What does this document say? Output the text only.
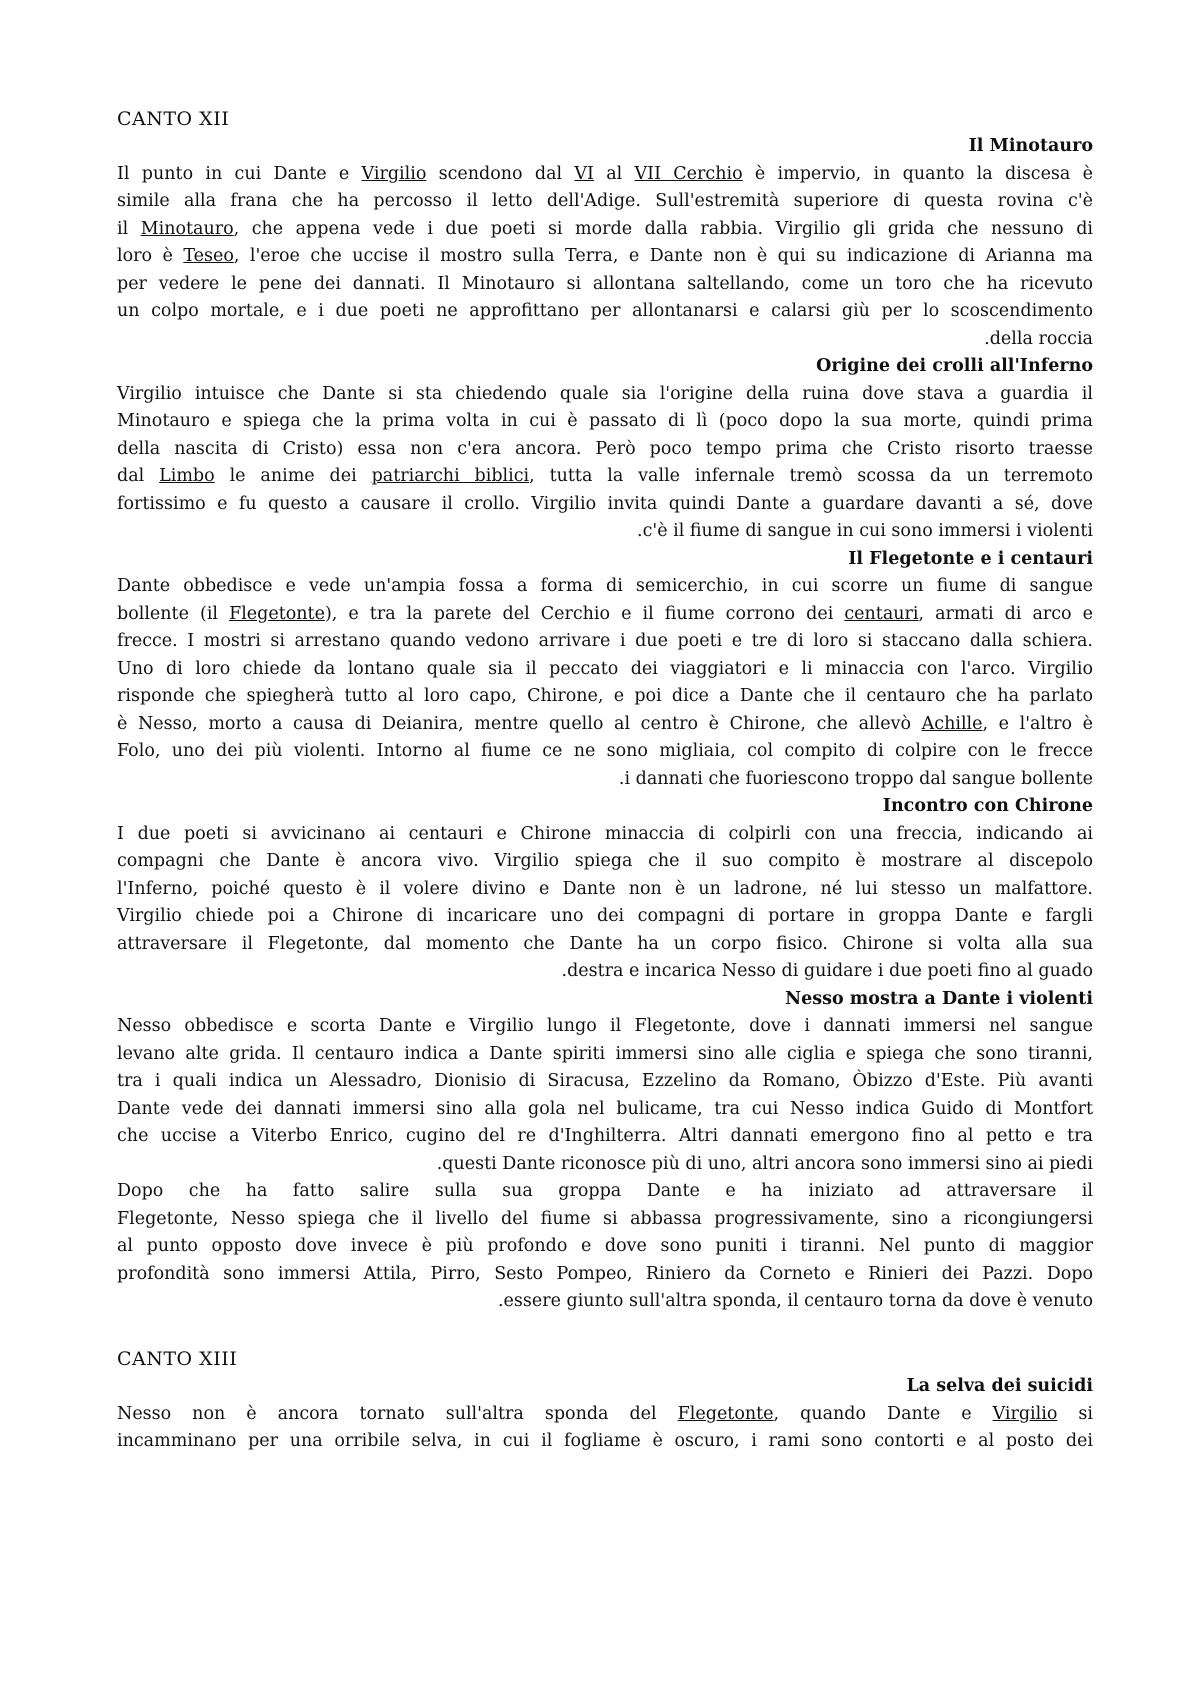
CANTO XII
Il Minotauro
Il punto in cui Dante e Virgilio scendono dal VI al VII Cerchio è impervio, in quanto la discesa è
simile alla frana che ha percosso il letto dell'Adige. Sull'estremità superiore di questa rovina c'è
il Minotauro, che appena vede i due poeti si morde dalla rabbia. Virgilio gli grida che nessuno di
loro è Teseo, l'eroe che uccise il mostro sulla Terra, e Dante non è qui su indicazione di Arianna ma
per vedere le pene dei dannati. Il Minotauro si allontana saltellando, come un toro che ha ricevuto
un colpo mortale, e i due poeti ne approfittano per allontanarsi e calarsi giù per lo scoscendimento
.della roccia
Origine dei crolli all'Inferno
Virgilio intuisce che Dante si sta chiedendo quale sia l'origine della ruina dove stava a guardia il
Minotauro e spiega che la prima volta in cui è passato di lì (poco dopo la sua morte, quindi prima
della nascita di Cristo) essa non c'era ancora. Però poco tempo prima che Cristo risorto traesse
dal Limbo le anime dei patriarchi biblici, tutta la valle infernale tremò scossa da un terremoto
fortissimo e fu questo a causare il crollo. Virgilio invita quindi Dante a guardare davanti a sé, dove
.c'è il fiume di sangue in cui sono immersi i violenti
Il Flegetonte e i centauri
Dante obbedisce e vede un'ampia fossa a forma di semicerchio, in cui scorre un fiume di sangue
bollente (il Flegetonte), e tra la parete del Cerchio e il fiume corrono dei centauri, armati di arco e
frecce. I mostri si arrestano quando vedono arrivare i due poeti e tre di loro si staccano dalla schiera.
Uno di loro chiede da lontano quale sia il peccato dei viaggiatori e li minaccia con l'arco. Virgilio
risponde che spiegherà tutto al loro capo, Chirone, e poi dice a Dante che il centauro che ha parlato
è Nesso, morto a causa di Deianira, mentre quello al centro è Chirone, che allevò Achille, e l'altro è
Folo, uno dei più violenti. Intorno al fiume ce ne sono migliaia, col compito di colpire con le frecce
.i dannati che fuoriescono troppo dal sangue bollente
Incontro con Chirone
I due poeti si avvicinano ai centauri e Chirone minaccia di colpirli con una freccia, indicando ai
compagni che Dante è ancora vivo. Virgilio spiega che il suo compito è mostrare al discepolo
l'Inferno, poiché questo è il volere divino e Dante non è un ladrone, né lui stesso un malfattore.
Virgilio chiede poi a Chirone di incaricare uno dei compagni di portare in groppa Dante e fargli
attraversare il Flegetonte, dal momento che Dante ha un corpo fisico. Chirone si volta alla sua
.destra e incarica Nesso di guidare i due poeti fino al guado
Nesso mostra a Dante i violenti
Nesso obbedisce e scorta Dante e Virgilio lungo il Flegetonte, dove i dannati immersi nel sangue
levano alte grida. Il centauro indica a Dante spiriti immersi sino alle ciglia e spiega che sono tiranni,
tra i quali indica un Alessadro, Dionisio di Siracusa, Ezzelino da Romano, Òbizzo d'Este. Più avanti
Dante vede dei dannati immersi sino alla gola nel bulicame, tra cui Nesso indica Guido di Montfort
che uccise a Viterbo Enrico, cugino del re d'Inghilterra. Altri dannati emergono fino al petto e tra
.questi Dante riconosce più di uno, altri ancora sono immersi sino ai piedi
Dopo che ha fatto salire sulla sua groppa Dante e ha iniziato ad attraversare il
Flegetonte, Nesso spiega che il livello del fiume si abbassa progressivamente, sino a ricongiungersi
al punto opposto dove invece è più profondo e dove sono puniti i tiranni. Nel punto di maggior
profondità sono immersi Attila, Pirro, Sesto Pompeo, Riniero da Corneto e Rinieri dei Pazzi. Dopo
.essere giunto sull'altra sponda, il centauro torna da dove è venuto
CANTO XIII
La selva dei suicidi
Nesso non è ancora tornato sull'altra sponda del Flegetonte, quando Dante e Virgilio si
incamminano per una orribile selva, in cui il fogliame è oscuro, i rami sono contorti e al posto dei
